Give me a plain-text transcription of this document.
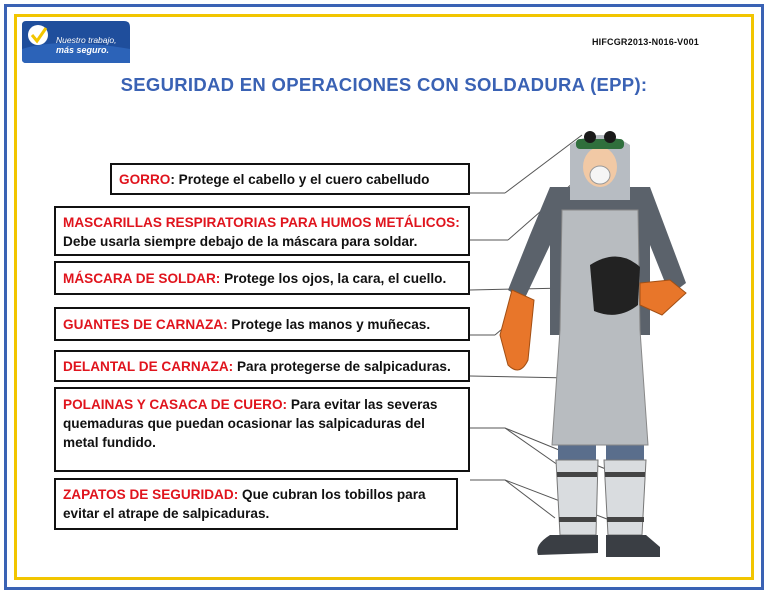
Nuestro trabajo,
más seguro.
HIFCGR2013-N016-V001
SEGURIDAD EN OPERACIONES CON SOLDADURA (EPP):
GORRO: Protege el cabello y el cuero cabelludo
MASCARILLAS RESPIRATORIAS PARA HUMOS METÁLICOS:
Debe usarla siempre debajo de la máscara para soldar.
MÁSCARA DE SOLDAR: Protege los ojos, la cara, el cuello.
GUANTES DE CARNAZA: Protege las manos y muñecas.
DELANTAL DE CARNAZA: Para protegerse de salpicaduras.
POLAINAS Y CASACA DE CUERO: Para evitar las severas quemaduras que puedan ocasionar las salpicaduras del metal fundido.
ZAPATOS DE SEGURIDAD: Que cubran los tobillos para evitar el atrape de salpicaduras.
